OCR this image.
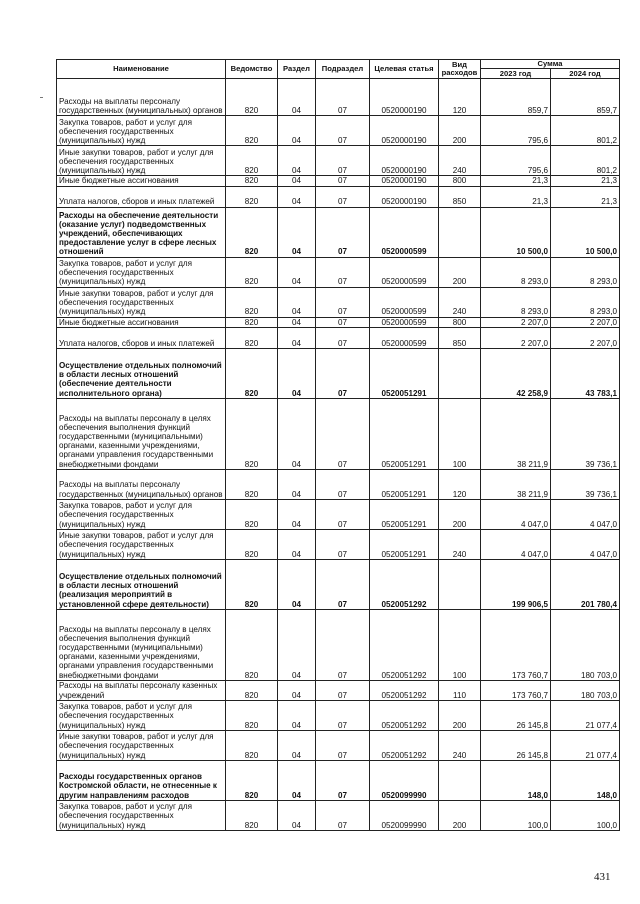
Наименование	Ведомство	Раздел	Подраздел	Целевая статья	Вид расходов	Сумма	
						2023 год	2024 год
Расходы на выплаты персоналу государственных (муниципальных) органов	820	04	07	0520000190	120	859,7	859,7
Закупка товаров, работ и услуг для обеспечения государственных (муниципальных) нужд	820	04	07	0520000190	200	795,6	801,2
Иные закупки товаров, работ и услуг для обеспечения государственных (муниципальных) нужд	820	04	07	0520000190	240	795,6	801,2
Иные бюджетные ассигнования	820	04	07	0520000190	800	21,3	21,3
Уплата налогов, сборов и иных платежей	820	04	07	0520000190	850	21,3	21,3
Расходы на обеспечение деятельности (оказание услуг) подведомственных учреждений, обеспечивающих предоставление услуг в сфере лесных отношений	820	04	07	0520000599		10 500,0	10 500,0
Закупка товаров, работ и услуг для обеспечения государственных (муниципальных) нужд	820	04	07	0520000599	200	8 293,0	8 293,0
Иные закупки товаров, работ и услуг для обеспечения государственных (муниципальных) нужд	820	04	07	0520000599	240	8 293,0	8 293,0
Иные бюджетные ассигнования	820	04	07	0520000599	800	2 207,0	2 207,0
Уплата налогов, сборов и иных платежей	820	04	07	0520000599	850	2 207,0	2 207,0
Осуществление отдельных полномочий в области лесных отношений (обеспечение деятельности исполнительного органа)	820	04	07	0520051291		42 258,9	43 783,1
Расходы на выплаты персоналу в целях обеспечения выполнения функций государственными (муниципальными) органами, казенными учреждениями, органами управления государственными внебюджетными фондами	820	04	07	0520051291	100	38 211,9	39 736,1
Расходы на выплаты персоналу государственных (муниципальных) органов	820	04	07	0520051291	120	38 211,9	39 736,1
Закупка товаров, работ и услуг для обеспечения государственных (муниципальных) нужд	820	04	07	0520051291	200	4 047,0	4 047,0
Иные закупки товаров, работ и услуг для обеспечения государственных (муниципальных) нужд	820	04	07	0520051291	240	4 047,0	4 047,0
Осуществление отдельных полномочий в области лесных отношений (реализация мероприятий в установленной сфере деятельности)	820	04	07	0520051292		199 906,5	201 780,4
Расходы на выплаты персоналу в целях обеспечения выполнения функций государственными (муниципальными) органами, казенными учреждениями, органами управления государственными внебюджетными фондами	820	04	07	0520051292	100	173 760,7	180 703,0
Расходы на выплаты персоналу казенных учреждений	820	04	07	0520051292	110	173 760,7	180 703,0
Закупка товаров, работ и услуг для обеспечения государственных (муниципальных) нужд	820	04	07	0520051292	200	26 145,8	21 077,4
Иные закупки товаров, работ и услуг для обеспечения государственных (муниципальных) нужд	820	04	07	0520051292	240	26 145,8	21 077,4
Расходы государственных органов Костромской области, не отнесенные к другим направлениям расходов	820	04	07	0520099990		148,0	148,0
Закупка товаров, работ и услуг для обеспечения государственных (муниципальных) нужд	820	04	07	0520099990	200	100,0	100,0
431
